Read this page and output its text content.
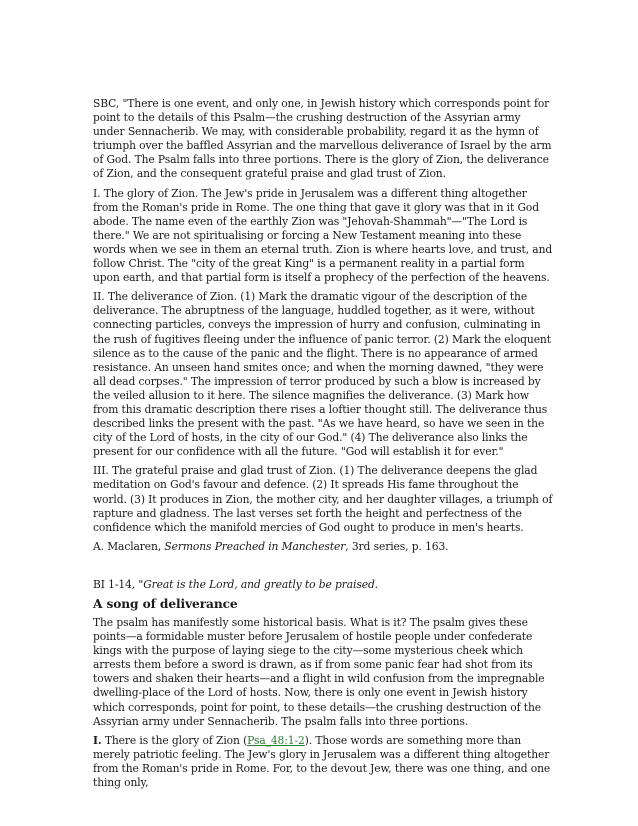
SBC, "There is one event, and only one, in Jewish history which corresponds point for point to the details of this Psalm—the crushing destruction of the Assyrian army under Sennacherib. We may, with considerable probability, regard it as the hymn of triumph over the baffled Assyrian and the marvellous deliverance of Israel by the arm of God. The Psalm falls into three portions. There is the glory of Zion, the deliverance of Zion, and the consequent grateful praise and glad trust of Zion.

I. The glory of Zion. The Jew's pride in Jerusalem was a different thing altogether from the Roman's pride in Rome. The one thing that gave it glory was that in it God abode. The name even of the earthly Zion was "Jehovah-Shammah"—"The Lord is there." We are not spiritualising or forcing a New Testament meaning into these words when we see in them an eternal truth. Zion is where hearts love, and trust, and follow Christ. The "city of the great King" is a permanent reality in a partial form upon earth, and that partial form is itself a prophecy of the perfection of the heavens.

II. The deliverance of Zion. (1) Mark the dramatic vigour of the description of the deliverance. The abruptness of the language, huddled together, as it were, without connecting particles, conveys the impression of hurry and confusion, culminating in the rush of fugitives fleeing under the influence of panic terror. (2) Mark the eloquent silence as to the cause of the panic and the flight. There is no appearance of armed resistance. An unseen hand smites once; and when the morning dawned, "they were all dead corpses." The impression of terror produced by such a blow is increased by the veiled allusion to it here. The silence magnifies the deliverance. (3) Mark how from this dramatic description there rises a loftier thought still. The deliverance thus described links the present with the past. "As we have heard, so have we seen in the city of the Lord of hosts, in the city of our God." (4) The deliverance also links the present for our confidence with all the future. "God will establish it for ever."

III. The grateful praise and glad trust of Zion. (1) The deliverance deepens the glad meditation on God's favour and defence. (2) It spreads His fame throughout the world. (3) It produces in Zion, the mother city, and her daughter villages, a triumph of rapture and gladness. The last verses set forth the height and perfectness of the confidence which the manifold mercies of God ought to produce in men's hearts.

A. Maclaren, Sermons Preached in Manchester, 3rd series, p. 163.

BI 1-14, "Great is the Lord, and greatly to be praised.

A song of deliverance

The psalm has manifestly some historical basis. What is it? The psalm gives these points—a formidable muster before Jerusalem of hostile people under confederate kings with the purpose of laying siege to the city—some mysterious cheek which arrests them before a sword is drawn, as if from some panic fear had shot from its towers and shaken their hearts—and a flight in wild confusion from the impregnable dwelling-place of the Lord of hosts. Now, there is only one event in Jewish history which corresponds, point for point, to these details—the crushing destruction of the Assyrian army under Sennacherib. The psalm falls into three portions.

I. There is the glory of Zion (Psa_48:1-2). Those words are something more than merely patriotic feeling. The Jew's glory in Jerusalem was a different thing altogether from the Roman's pride in Rome. For, to the devout Jew, there was one thing, and one thing only,
